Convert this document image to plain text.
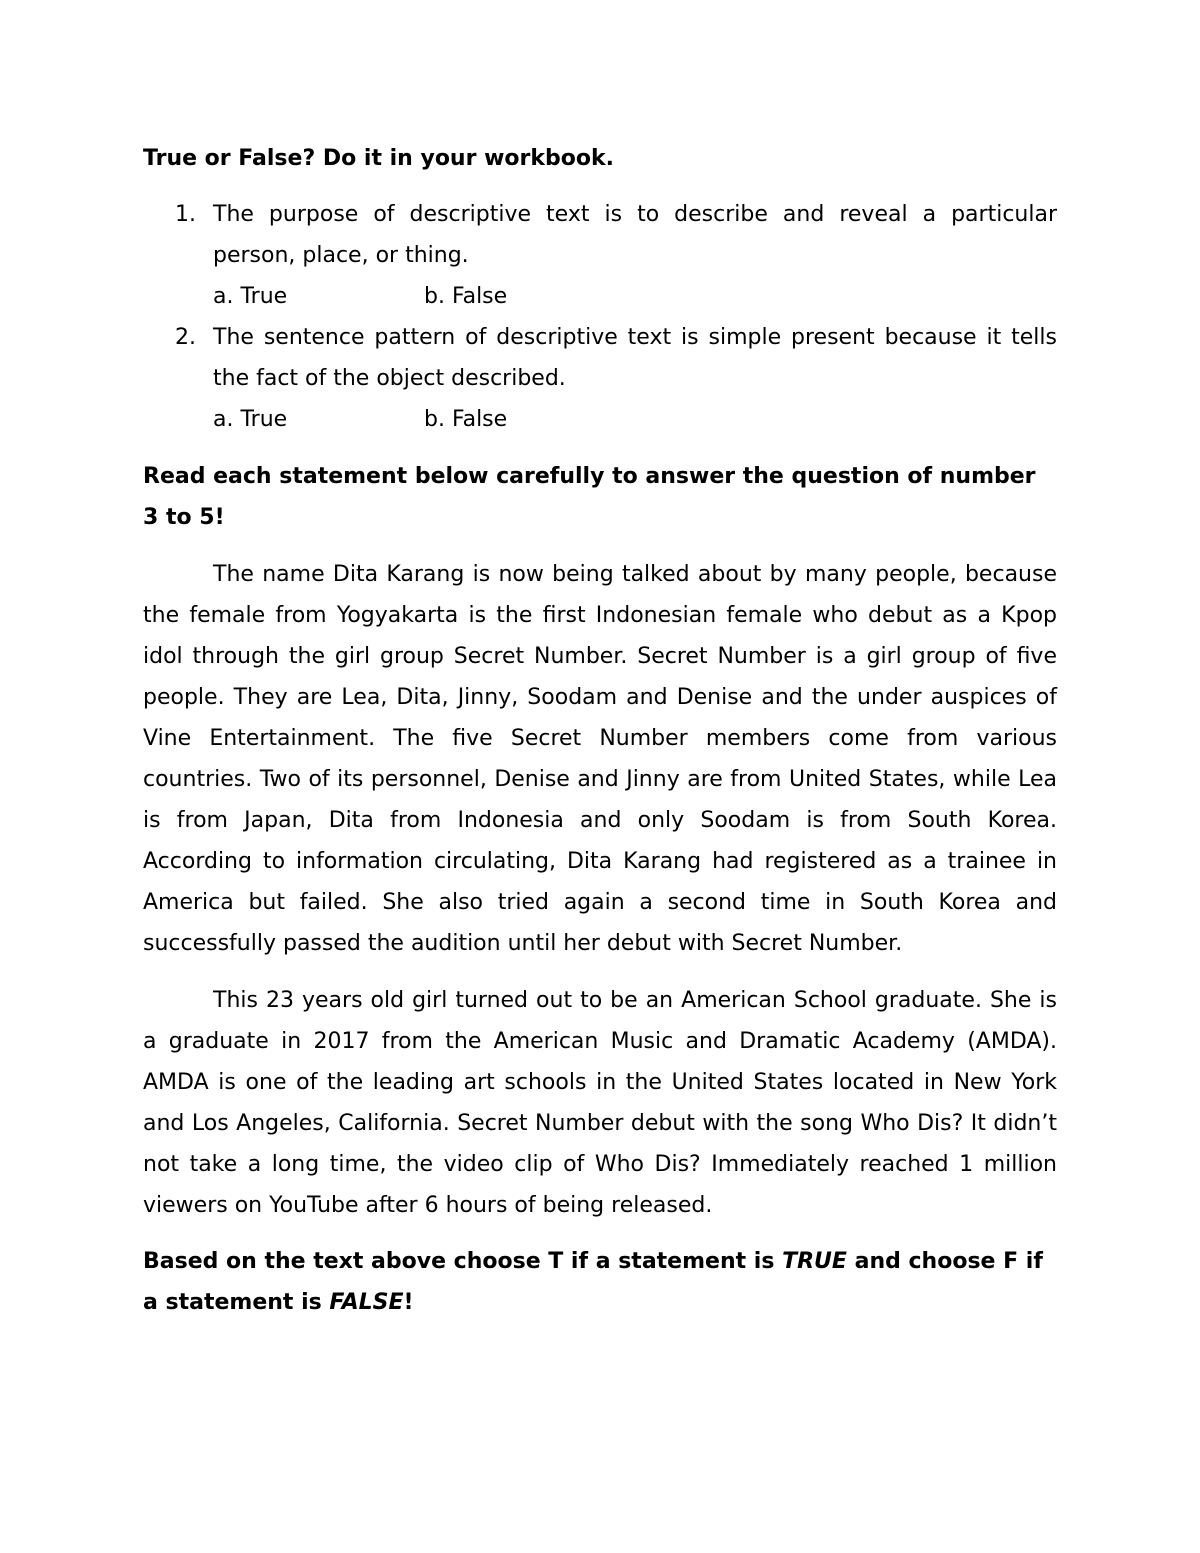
True or False? Do it in your workbook.

1. The purpose of descriptive text is to describe and reveal a particular person, place, or thing.
a. True	b. False
2. The sentence pattern of descriptive text is simple present because it tells the fact of the object described.
a. True	b. False

Read each statement below carefully to answer the question of number 3 to 5!

The name Dita Karang is now being talked about by many people, because the female from Yogyakarta is the first Indonesian female who debut as a Kpop idol through the girl group Secret Number. Secret Number is a girl group of five people. They are Lea, Dita, Jinny, Soodam and Denise and the under auspices of Vine Entertainment. The five Secret Number members come from various countries. Two of its personnel, Denise and Jinny are from United States, while Lea is from Japan, Dita from Indonesia and only Soodam is from South Korea. According to information circulating, Dita Karang had registered as a trainee in America but failed. She also tried again a second time in South Korea and successfully passed the audition until her debut with Secret Number.

This 23 years old girl turned out to be an American School graduate. She is a graduate in 2017 from the American Music and Dramatic Academy (AMDA). AMDA is one of the leading art schools in the United States located in New York and Los Angeles, California. Secret Number debut with the song Who Dis? It didn’t not take a long time, the video clip of Who Dis? Immediately reached 1 million viewers on YouTube after 6 hours of being released.

Based on the text above choose T if a statement is TRUE and choose F if a statement is FALSE!
